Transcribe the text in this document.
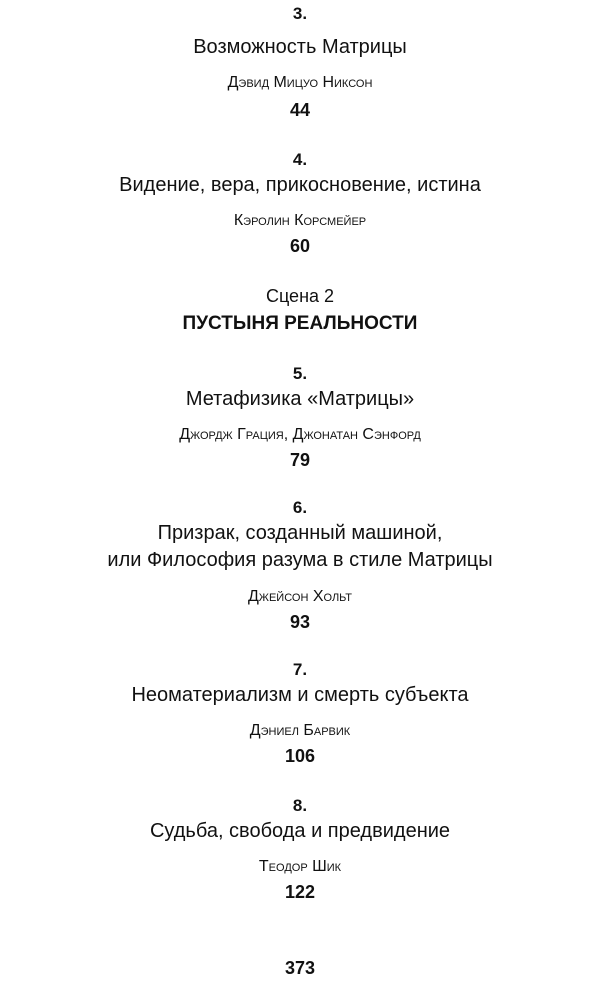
3.
Возможность Матрицы
Дэвид Мицуо Никсон
44
4.
Видение, вера, прикосновение, истина
Кэролин Корсмейер
60
Сцена 2
ПУСТЫНЯ РЕАЛЬНОСТИ
5.
Метафизика «Матрицы»
Джордж Грация, Джонатан Сэнфорд
79
6.
Призрак, созданный машиной,
или Философия разума в стиле Матрицы
Джейсон Хольт
93
7.
Неоматериализм и смерть субъекта
Дэниел Барвик
106
8.
Судьба, свобода и предвидение
Теодор Шик
122
373
